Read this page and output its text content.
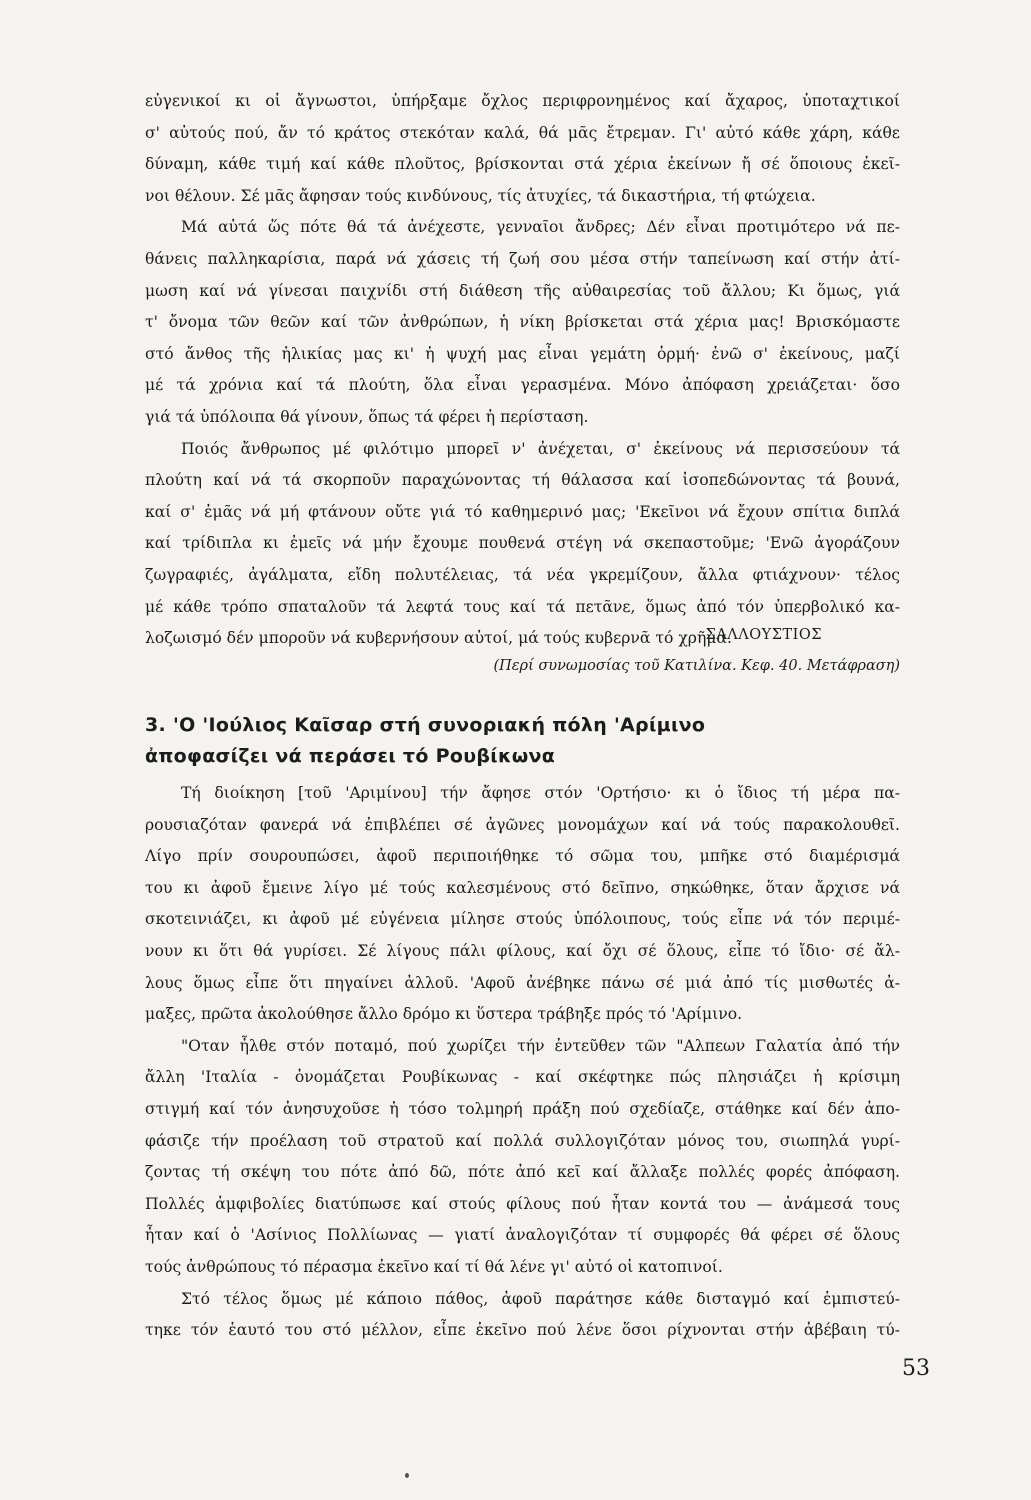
εὐγενικοί κι οἱ ἄγνωστοι, ὑπήρξαμε ὄχλος περιφρονημένος καί ἄχαρος, ὑποταχτικοί
σ' αὐτούς πού, ἄν τό κράτος στεκόταν καλά, θά μᾶς ἔτρεμαν. Γι' αὐτό κάθε χάρη, κάθε
δύναμη, κάθε τιμή καί κάθε πλοῦτος, βρίσκονται στά χέρια ἐκείνων ἤ σέ ὅποιους ἐκεῖ-
νοι θέλουν. Σέ μᾶς ἄφησαν τούς κινδύνους, τίς ἀτυχίες, τά δικαστήρια, τή φτώχεια.
Μά αὐτά ὥς πότε θά τά ἀνέχεστε, γενναῖοι ἄνδρες; Δέν εἶναι προτιμότερο νά πε-
θάνεις παλληκαρίσια, παρά νά χάσεις τή ζωή σου μέσα στήν ταπείνωση καί στήν ἀτί-
μωση καί νά γίνεσαι παιχνίδι στή διάθεση τῆς αὐθαιρεσίας τοῦ ἄλλου; Κι ὅμως, γιά
τ' ὄνομα τῶν θεῶν καί τῶν ἀνθρώπων, ἡ νίκη βρίσκεται στά χέρια μας! Βρισκόμαστε
στό ἄνθος τῆς ἡλικίας μας κι' ἡ ψυχή μας εἶναι γεμάτη ὁρμή· ἐνῶ σ' ἐκείνους, μαζί
μέ τά χρόνια καί τά πλούτη, ὅλα εἶναι γερασμένα. Μόνο ἀπόφαση χρειάζεται· ὅσο
γιά τά ὑπόλοιπα θά γίνουν, ὅπως τά φέρει ἡ περίσταση.
Ποιός ἄνθρωπος μέ φιλότιμο μπορεῖ ν' ἀνέχεται, σ' ἐκείνους νά περισσεύουν τά
πλούτη καί νά τά σκορποῦν παραχώνοντας τή θάλασσα καί ἰσοπεδώνοντας τά βουνά,
καί σ' ἐμᾶς νά μή φτάνουν οὔτε γιά τό καθημερινό μας; 'Εκεῖνοι νά ἔχουν σπίτια διπλά
καί τρίδιπλα κι ἐμεῖς νά μήν ἔχουμε πουθενά στέγη νά σκεπαστοῦμε; 'Ενῶ ἀγοράζουν
ζωγραφιές, ἀγάλματα, εἴδη πολυτέλειας, τά νέα γκρεμίζουν, ἄλλα φτιάχνουν· τέλος
μέ κάθε τρόπο σπαταλοῦν τά λεφτά τους καί τά πετᾶνε, ὅμως ἀπό τόν ὑπερβολικό κα-
λοζωισμό δέν μποροῦν νά κυβερνήσουν αὐτοί, μά τούς κυβερνᾶ τό χρῆμα.
ΣΑΛΛΟΥΣΤΙΟΣ
(Περί συνωμοσίας τοῦ Κατιλίνα. Κεφ. 40. Μετάφραση)
3. 'Ο 'Ιούλιος Καῖσαρ στή συνοριακή πόλη 'Αρίμινο
ἀποφασίζει νά περάσει τό Ρουβίκωνα
Τή διοίκηση [τοῦ 'Αριμίνου] τήν ἄφησε στόν 'Ορτήσιο· κι ὁ ἴδιος τή μέρα πα-
ρουσιαζόταν φανερά νά ἐπιβλέπει σέ ἀγῶνες μονομάχων καί νά τούς παρακολουθεῖ.
Λίγο πρίν σουρουπώσει, ἀφοῦ περιποιήθηκε τό σῶμα του, μπῆκε στό διαμέρισμά
του κι ἀφοῦ ἔμεινε λίγο μέ τούς καλεσμένους στό δεῖπνο, σηκώθηκε, ὅταν ἄρχισε νά
σκοτεινιάζει, κι ἀφοῦ μέ εὐγένεια μίλησε στούς ὑπόλοιπους, τούς εἶπε νά τόν περιμέ-
νουν κι ὅτι θά γυρίσει. Σέ λίγους πάλι φίλους, καί ὄχι σέ ὅλους, εἶπε τό ἴδιο· σέ ἄλ-
λους ὅμως εἶπε ὅτι πηγαίνει ἀλλοῦ. 'Αφοῦ ἀνέβηκε πάνω σέ μιά ἀπό τίς μισθωτές ἀ-
μαξες, πρῶτα ἀκολούθησε ἄλλο δρόμο κι ὕστερα τράβηξε πρός τό 'Αρίμινο.
"Οταν ἦλθε στόν ποταμό, πού χωρίζει τήν ἐντεῦθεν τῶν "Αλπεων Γαλατία ἀπό τήν
ἄλλη 'Ιταλία - ὀνομάζεται Ρουβίκωνας - καί σκέφτηκε πώς πλησιάζει ἡ κρίσιμη
στιγμή καί τόν ἀνησυχοῦσε ἡ τόσο τολμηρή πράξη πού σχεδίαζε, στάθηκε καί δέν ἀπο-
φάσιζε τήν προέλαση τοῦ στρατοῦ καί πολλά συλλογιζόταν μόνος του, σιωπηλά γυρί-
ζοντας τή σκέψη του πότε ἀπό δῶ, πότε ἀπό κεῖ καί ἄλλαξε πολλές φορές ἀπόφαση.
Πολλές ἀμφιβολίες διατύπωσε καί στούς φίλους πού ἦταν κοντά του — ἀνάμεσά τους
ἦταν καί ὁ 'Ασίνιος Πολλίωνας — γιατί ἀναλογιζόταν τί συμφορές θά φέρει σέ ὅλους
τούς ἀνθρώπους τό πέρασμα ἐκεῖνο καί τί θά λένε γι' αὐτό οἱ κατοπινοί.
Στό τέλος ὅμως μέ κάποιο πάθος, ἀφοῦ παράτησε κάθε δισταγμό καί ἐμπιστεύ-
τηκε τόν ἑαυτό του στό μέλλον, εἶπε ἐκεῖνο πού λένε ὅσοι ρίχνονται στήν ἀβέβαιη τύ-
53
